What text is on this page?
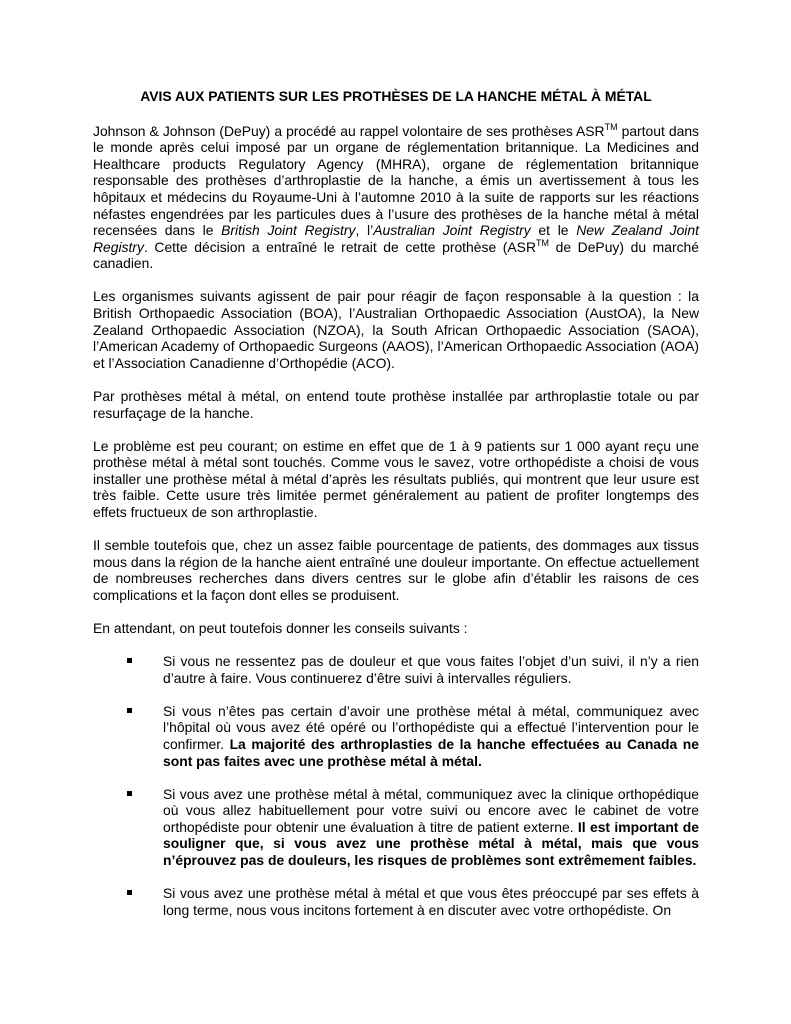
AVIS AUX PATIENTS SUR LES PROTHÈSES DE LA HANCHE MÉTAL À MÉTAL

Johnson & Johnson (DePuy) a procédé au rappel volontaire de ses prothèses ASR™ partout dans le monde après celui imposé par un organe de réglementation britannique. La Medicines and Healthcare products Regulatory Agency (MHRA), organe de réglementation britannique responsable des prothèses d’arthroplastie de la hanche, a émis un avertissement à tous les hôpitaux et médecins du Royaume-Uni à l’automne 2010 à la suite de rapports sur les réactions néfastes engendrées par les particules dues à l’usure des prothèses de la hanche métal à métal recensées dans le British Joint Registry, l’Australian Joint Registry et le New Zealand Joint Registry. Cette décision a entraîné le retrait de cette prothèse (ASR™ de DePuy) du marché canadien.

Les organismes suivants agissent de pair pour réagir de façon responsable à la question : la British Orthopaedic Association (BOA), l’Australian Orthopaedic Association (AustOA), la New Zealand Orthopaedic Association (NZOA), la South African Orthopaedic Association (SAOA), l’American Academy of Orthopaedic Surgeons (AAOS), l’American Orthopaedic Association (AOA) et l’Association Canadienne d’Orthopédie (ACO).

Par prothèses métal à métal, on entend toute prothèse installée par arthroplastie totale ou par resurfaçage de la hanche.

Le problème est peu courant; on estime en effet que de 1 à 9 patients sur 1 000 ayant reçu une prothèse métal à métal sont touchés. Comme vous le savez, votre orthopédiste a choisi de vous installer une prothèse métal à métal d’après les résultats publiés, qui montrent que leur usure est très faible. Cette usure très limitée permet généralement au patient de profiter longtemps des effets fructueux de son arthroplastie.

Il semble toutefois que, chez un assez faible pourcentage de patients, des dommages aux tissus mous dans la région de la hanche aient entraîné une douleur importante. On effectue actuellement de nombreuses recherches dans divers centres sur le globe afin d’établir les raisons de ces complications et la façon dont elles se produisent.

En attendant, on peut toutefois donner les conseils suivants :

Si vous ne ressentez pas de douleur et que vous faites l’objet d’un suivi, il n’y a rien d’autre à faire. Vous continuerez d’être suivi à intervalles réguliers.
Si vous n’êtes pas certain d’avoir une prothèse métal à métal, communiquez avec l’hôpital où vous avez été opéré ou l’orthopédiste qui a effectué l’intervention pour le confirmer. La majorité des arthroplasties de la hanche effectuées au Canada ne sont pas faites avec une prothèse métal à métal.
Si vous avez une prothèse métal à métal, communiquez avec la clinique orthopédique où vous allez habituellement pour votre suivi ou encore avec le cabinet de votre orthopédiste pour obtenir une évaluation à titre de patient externe. Il est important de souligner que, si vous avez une prothèse métal à métal, mais que vous n’éprouvez pas de douleurs, les risques de problèmes sont extrêmement faibles.
Si vous avez une prothèse métal à métal et que vous êtes préoccupé par ses effets à long terme, nous vous incitons fortement à en discuter avec votre orthopédiste. On
